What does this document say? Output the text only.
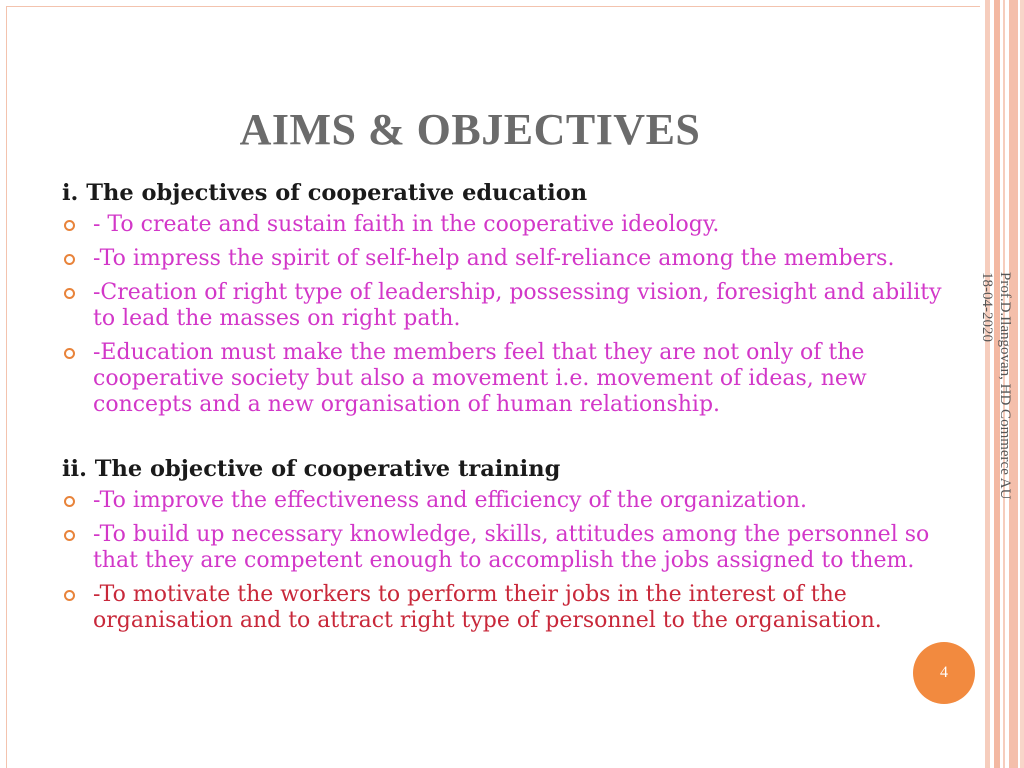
AIMS & OBJECTIVES
i. The objectives of cooperative education
- To create and sustain faith in the cooperative ideology.
-To impress the spirit of self-help and self-reliance among the members.
-Creation of right type of leadership, possessing vision, foresight and ability to lead the masses on right path.
-Education must make the members feel that they are not only of the cooperative society but also a movement i.e. movement of ideas, new concepts and a new organisation of human relationship.
ii. The objective of cooperative training
-To improve the effectiveness and efficiency of the organization.
-To build up necessary knowledge, skills, attitudes among the personnel so that they are competent enough to accomplish the jobs assigned to them.
-To motivate the workers to perform their jobs in the interest of the organisation and to attract right type of personnel to the organisation.
Prof.D.Ilangovan, HD Commerce AU
18-04-2020
4
